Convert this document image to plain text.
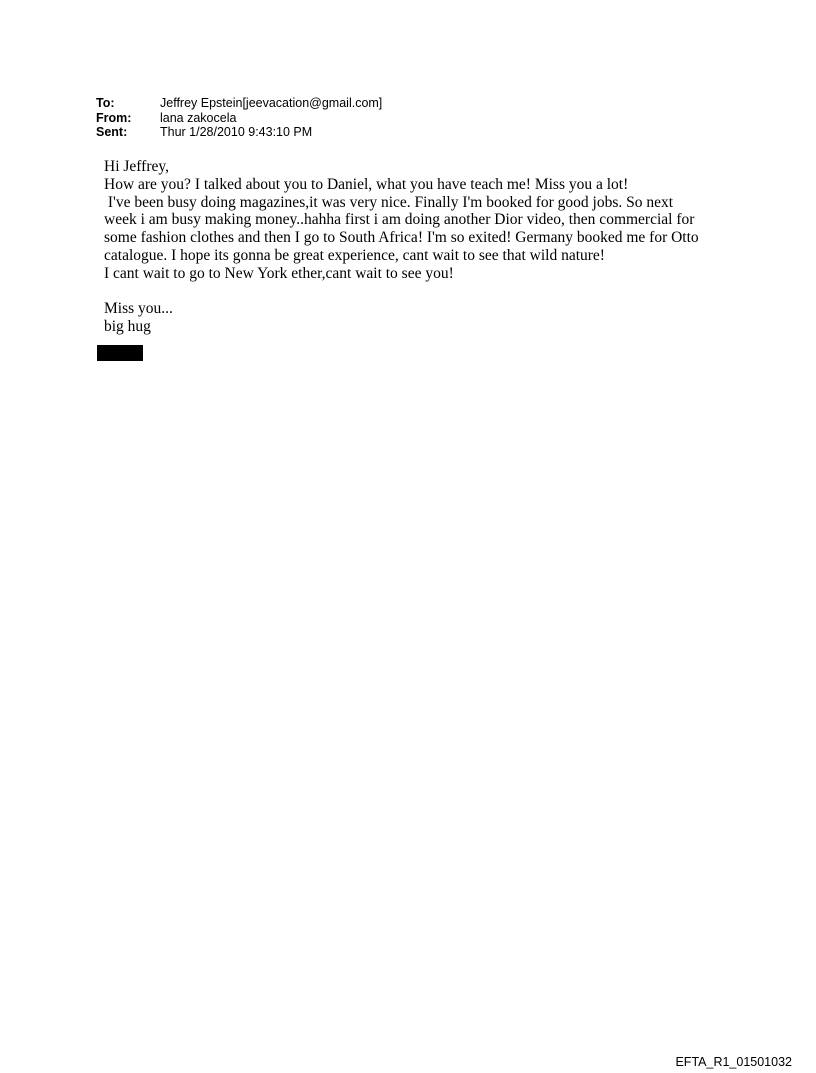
To:	Jeffrey Epstein[jeevacation@gmail.com]
From:	lana zakocela
Sent:	Thur 1/28/2010 9:43:10 PM

Hi Jeffrey,

How are you? I talked about you to Daniel, what you have teach me! Miss you a lot!

I've been busy doing magazines,it was very nice. Finally I'm booked for good jobs. So next

week i am busy making money..hahha first i am doing another Dior video, then commercial for

some fashion clothes and then I go to South Africa! I'm so exited! Germany booked me for Otto

catalogue. I hope its gonna be great experience, cant wait to see that wild nature!

I cant wait to go to New York ether,cant wait to see you!

Miss you...

big hug

EFTA_R1_01501032
